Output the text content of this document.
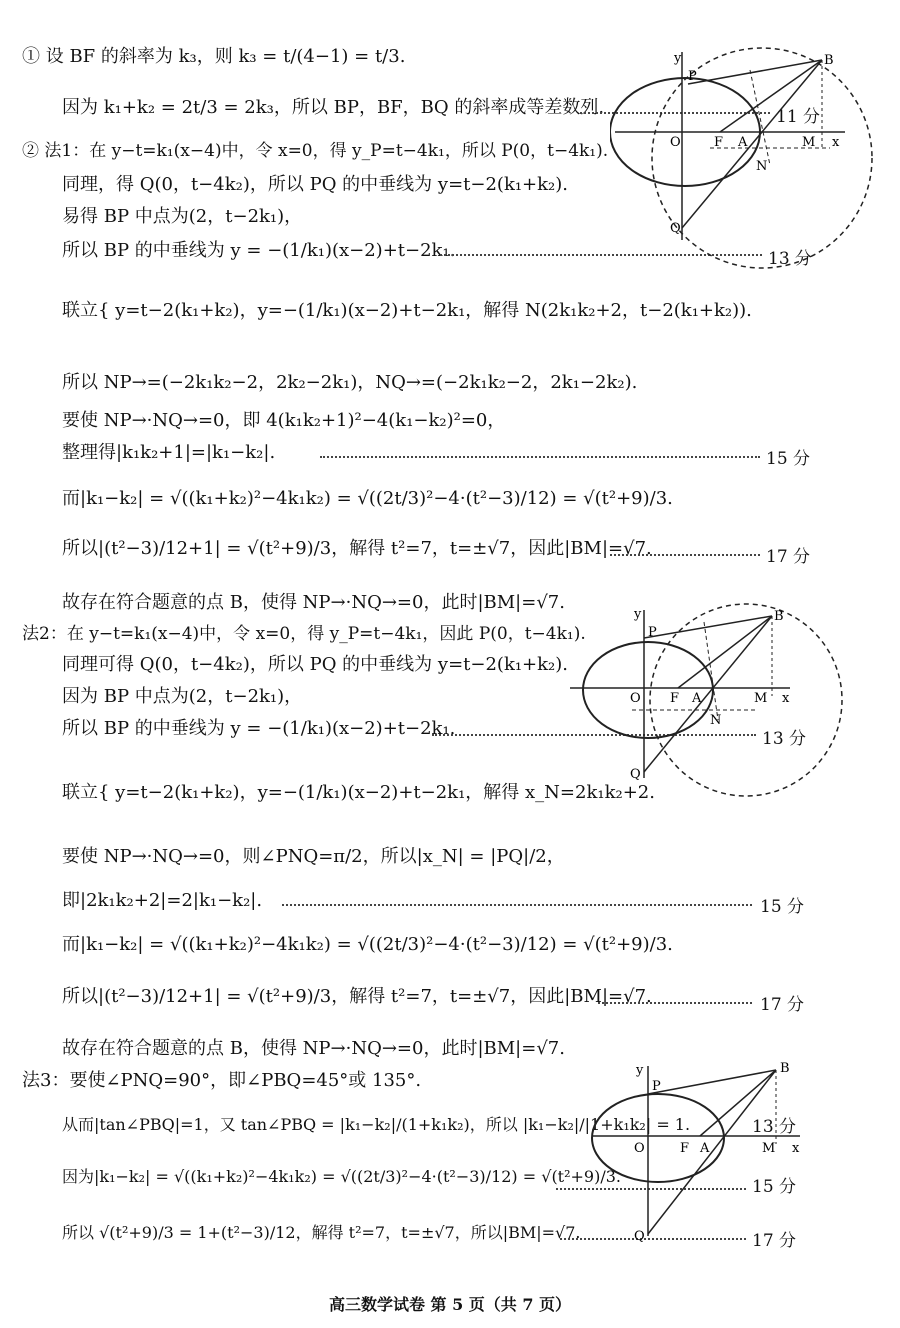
① 设 BF 的斜率为 k₃，则 k₃ = t/(4−1) = t/3.
因为 k₁+k₂ = 2t/3 = 2k₃，所以 BP，BF，BQ 的斜率成等差数列.
② 法1：在 y−t=k₁(x−4)中，令 x=0，得 y_P=t−4k₁，所以 P(0，t−4k₁).
同理，得 Q(0，t−4k₂)，所以 PQ 的中垂线为 y=t−2(k₁+k₂).
易得 BP 中点为(2，t−2k₁)，
所以 BP 的中垂线为 y = −(1/k₁)(x−2)+t−2k₁.
联立{ y=t−2(k₁+k₂)，y=−(1/k₁)(x−2)+t−2k₁，解得 N(2k₁k₂+2，t−2(k₁+k₂)).
所以 NP→=(−2k₁k₂−2，2k₂−2k₁)，NQ→=(−2k₁k₂−2，2k₁−2k₂).
要使 NP→·NQ→=0，即 4(k₁k₂+1)²−4(k₁−k₂)²=0，
整理得|k₁k₂+1|=|k₁−k₂|.
而|k₁−k₂| = √((k₁+k₂)²−4k₁k₂) = √((2t/3)²−4·(t²−3)/12) = √(t²+9)/3.
所以|(t²−3)/12+1| = √(t²+9)/3，解得 t²=7，t=±√7，因此|BM|=√7.
故存在符合题意的点 B，使得 NP→·NQ→=0，此时|BM|=√7.
法2：在 y−t=k₁(x−4)中，令 x=0，得 y_P=t−4k₁，因此 P(0，t−4k₁).
同理可得 Q(0，t−4k₂)，所以 PQ 的中垂线为 y=t−2(k₁+k₂).
因为 BP 中点为(2，t−2k₁)，
所以 BP 的中垂线为 y = −(1/k₁)(x−2)+t−2k₁.
联立{ y=t−2(k₁+k₂)，y=−(1/k₁)(x−2)+t−2k₁，解得 x_N=2k₁k₂+2.
要使 NP→·NQ→=0，则∠PNQ=π/2，所以|x_N| = |PQ|/2，
即|2k₁k₂+2|=2|k₁−k₂|.
而|k₁−k₂| = √((k₁+k₂)²−4k₁k₂) = √((2t/3)²−4·(t²−3)/12) = √(t²+9)/3.
所以|(t²−3)/12+1| = √(t²+9)/3，解得 t²=7，t=±√7，因此|BM|=√7.
故存在符合题意的点 B，使得 NP→·NQ→=0，此时|BM|=√7.
法3：要使∠PNQ=90°，即∠PBQ=45°或 135°.
从而|tan∠PBQ|=1，又 tan∠PBQ = |k₁−k₂|/(1+k₁k₂)，所以 |k₁−k₂|/|1+k₁k₂| = 1.
因为|k₁−k₂| = √((k₁+k₂)²−4k₁k₂) = √((2t/3)²−4·(t²−3)/12) = √(t²+9)/3.
所以 √(t²+9)/3 = 1+(t²−3)/12，解得 t²=7，t=±√7，所以|BM|=√7.
11 分
13 分
15 分
17 分
13 分
15 分
17 分
13 分
15 分
17 分
y
P
B
O	F A	M x
N
Q
y
P
B
O F A	M x
N
Q
y
P
B
O	F A	M x
Q
高三数学试卷 第 5 页（共 7 页）
